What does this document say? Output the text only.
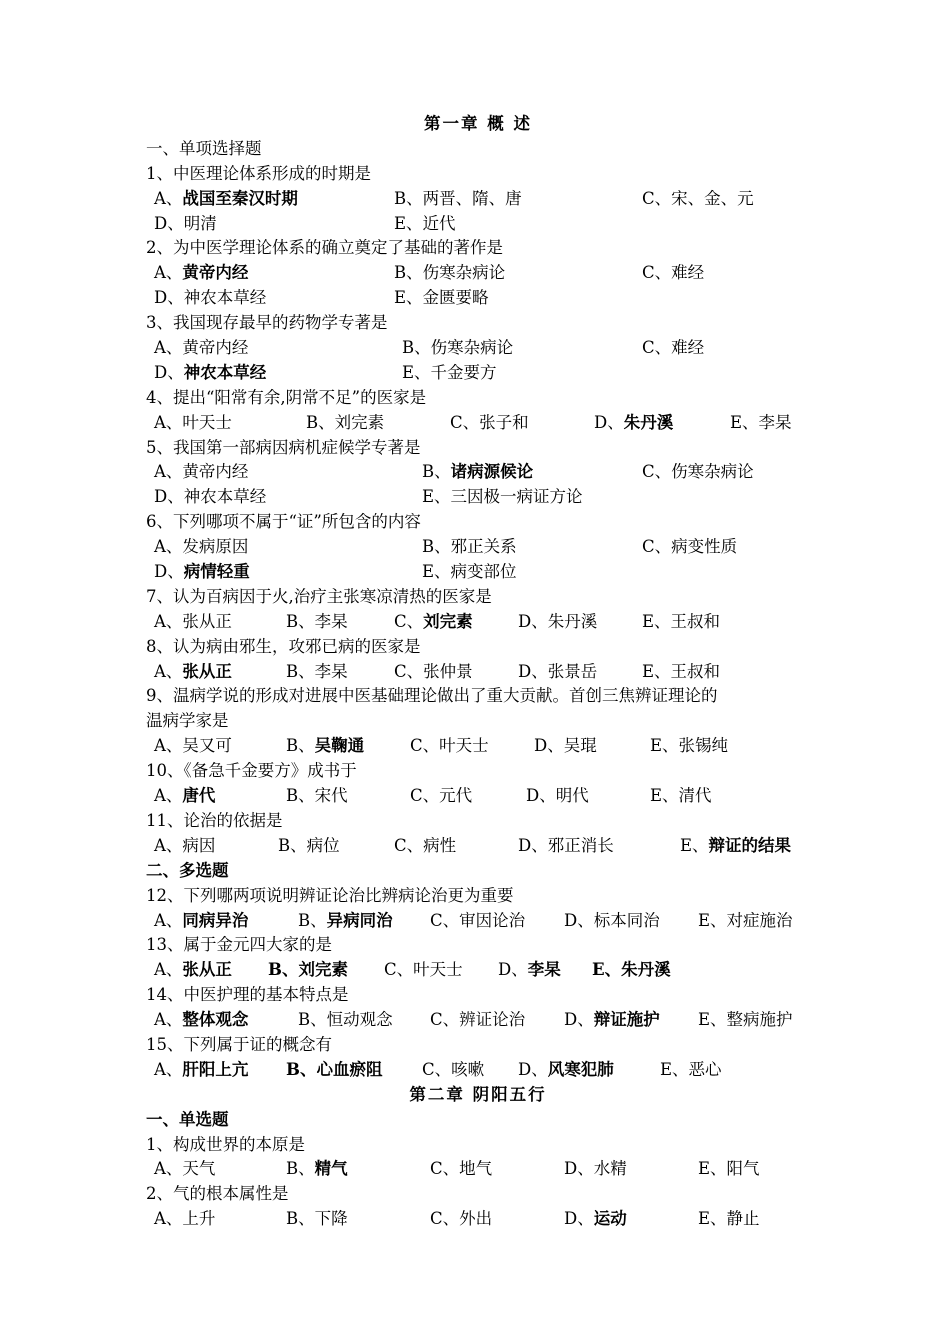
第一章 概 述
一、单项选择题
1、中医理论体系形成的时期是
A、战国至秦汉时期	B、两晋、隋、唐	C、宋、金、元
D、明清	E、近代
2、为中医学理论体系的确立奠定了基础的著作是
A、黄帝内经	B、伤寒杂病论	C、难经
D、神农本草经	E、金匮要略
3、我国现存最早的药物学专著是
A、黄帝内经	B、伤寒杂病论	C、难经
D、神农本草经	E、千金要方
4、提出“阳常有余,阴常不足”的医家是
A、叶天士	B、刘完素	C、张子和	D、朱丹溪	E、李杲
5、我国第一部病因病机症候学专著是
A、黄帝内经	B、诸病源候论	C、伤寒杂病论
D、神农本草经	E、三因极一病证方论
6、下列哪项不属于“证”所包含的内容
A、发病原因	B、邪正关系	C、病变性质
D、病情轻重	E、病变部位
7、认为百病因于火,治疗主张寒凉清热的医家是
A、张从正	B、李杲	C、刘完素	D、朱丹溪	E、王叔和
8、认为病由邪生，攻邪已病的医家是
A、张从正	B、李杲	C、张仲景	D、张景岳	E、王叔和
9、温病学说的形成对进展中医基础理论做出了重大贡献。首创三焦辨证理论的
温病学家是
A、吴又可	B、吴鞠通	C、叶天士	D、吴琨	E、张锡纯
10、《备急千金要方》成书于
A、唐代	B、宋代	C、元代	D、明代	E、清代
11、论治的依据是
A、病因	B、病位	C、病性	D、邪正消长	E、辩证的结果
二、多选题
12、下列哪两项说明辨证论治比辨病论治更为重要
A、同病异治	B、异病同治 C、审因论治 D、标本同治 E、对症施治
13、属于金元四大家的是
A、张从正 B、刘完素 C、叶天士 D、李杲 E、朱丹溪
14、中医护理的基本特点是
A、整体观念	B、恒动观念 C、辨证论治 D、辩证施护 E、整病施护
15、下列属于证的概念有
A、肝阳上亢 B、心血瘀阻 C、咳嗽 D、风寒犯肺	E、恶心
第二章 阴阳五行
一、单选题
1、构成世界的本原是
A、天气	B、精气	C、地气	D、水精	E、阳气
2、气的根本属性是
A、上升	B、下降	C、外出	D、运动	E、静止
